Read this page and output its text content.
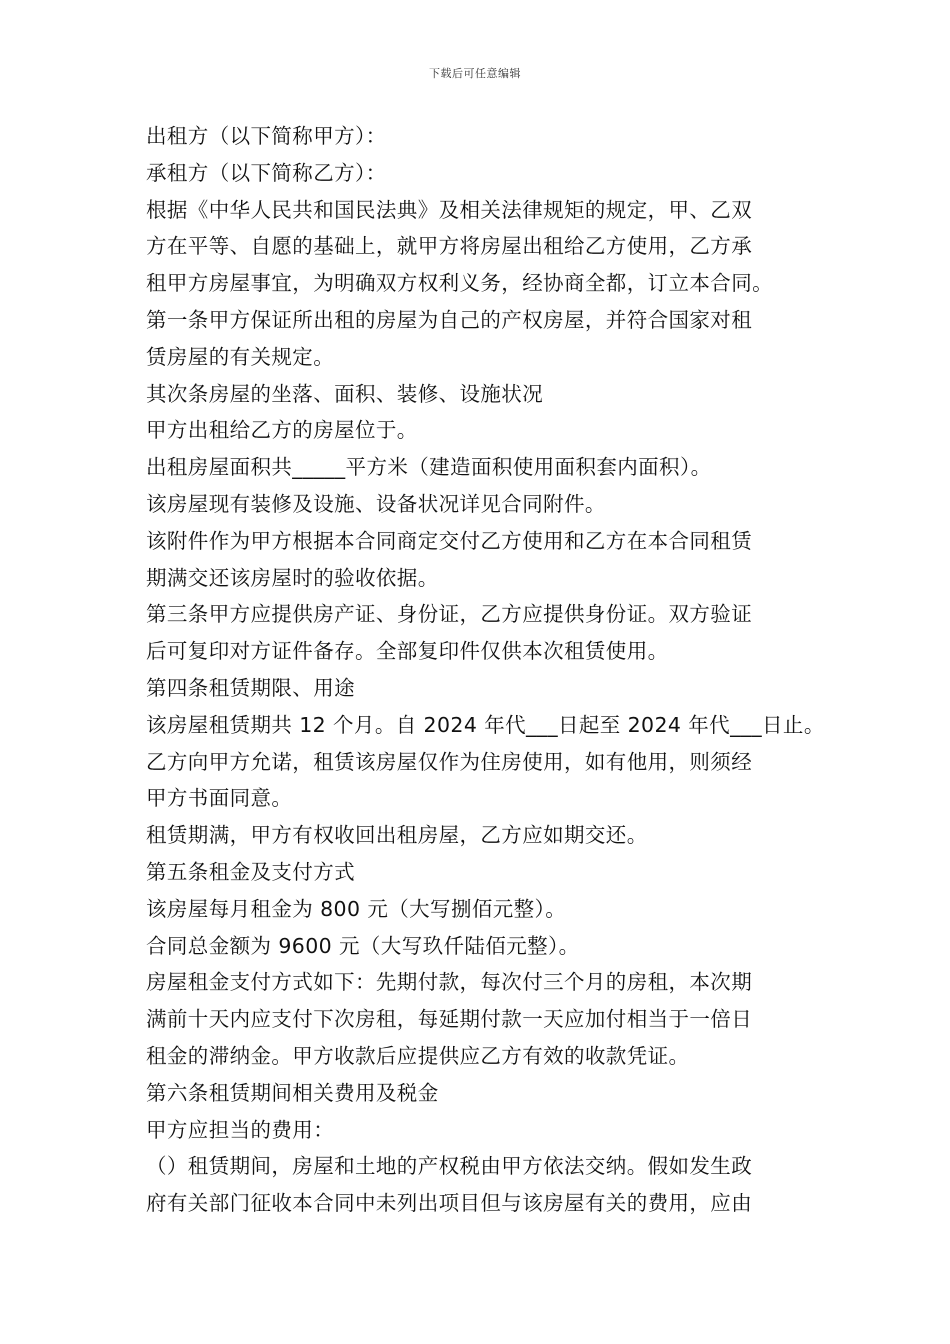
下载后可任意编辑
出租方（以下简称甲方）：
承租方（以下简称乙方）：
根据《中华人民共和国民法典》及相关法律规矩的规定，甲、乙双
方在平等、自愿的基础上，就甲方将房屋出租给乙方使用，乙方承
租甲方房屋事宜，为明确双方权利义务，经协商全都，订立本合同。
第一条甲方保证所出租的房屋为自己的产权房屋，并符合国家对租
赁房屋的有关规定。
其次条房屋的坐落、面积、装修、设施状况
甲方出租给乙方的房屋位于。
出租房屋面积共_____平方米（建造面积使用面积套内面积）。
该房屋现有装修及设施、设备状况详见合同附件。
该附件作为甲方根据本合同商定交付乙方使用和乙方在本合同租赁
期满交还该房屋时的验收依据。
第三条甲方应提供房产证、身份证，乙方应提供身份证。双方验证
后可复印对方证件备存。全部复印件仅供本次租赁使用。
第四条租赁期限、用途
该房屋租赁期共 12 个月。自 2024 年代___日起至 2024 年代___日止。
乙方向甲方允诺，租赁该房屋仅作为住房使用，如有他用，则须经
甲方书面同意。
租赁期满，甲方有权收回出租房屋，乙方应如期交还。
第五条租金及支付方式
该房屋每月租金为 800 元（大写捌佰元整）。
合同总金额为 9600 元（大写玖仟陆佰元整）。
房屋租金支付方式如下：先期付款，每次付三个月的房租，本次期
满前十天内应支付下次房租，每延期付款一天应加付相当于一倍日
租金的滞纳金。甲方收款后应提供应乙方有效的收款凭证。
第六条租赁期间相关费用及税金
甲方应担当的费用：
（）租赁期间，房屋和土地的产权税由甲方依法交纳。假如发生政
府有关部门征收本合同中未列出项目但与该房屋有关的费用，应由
